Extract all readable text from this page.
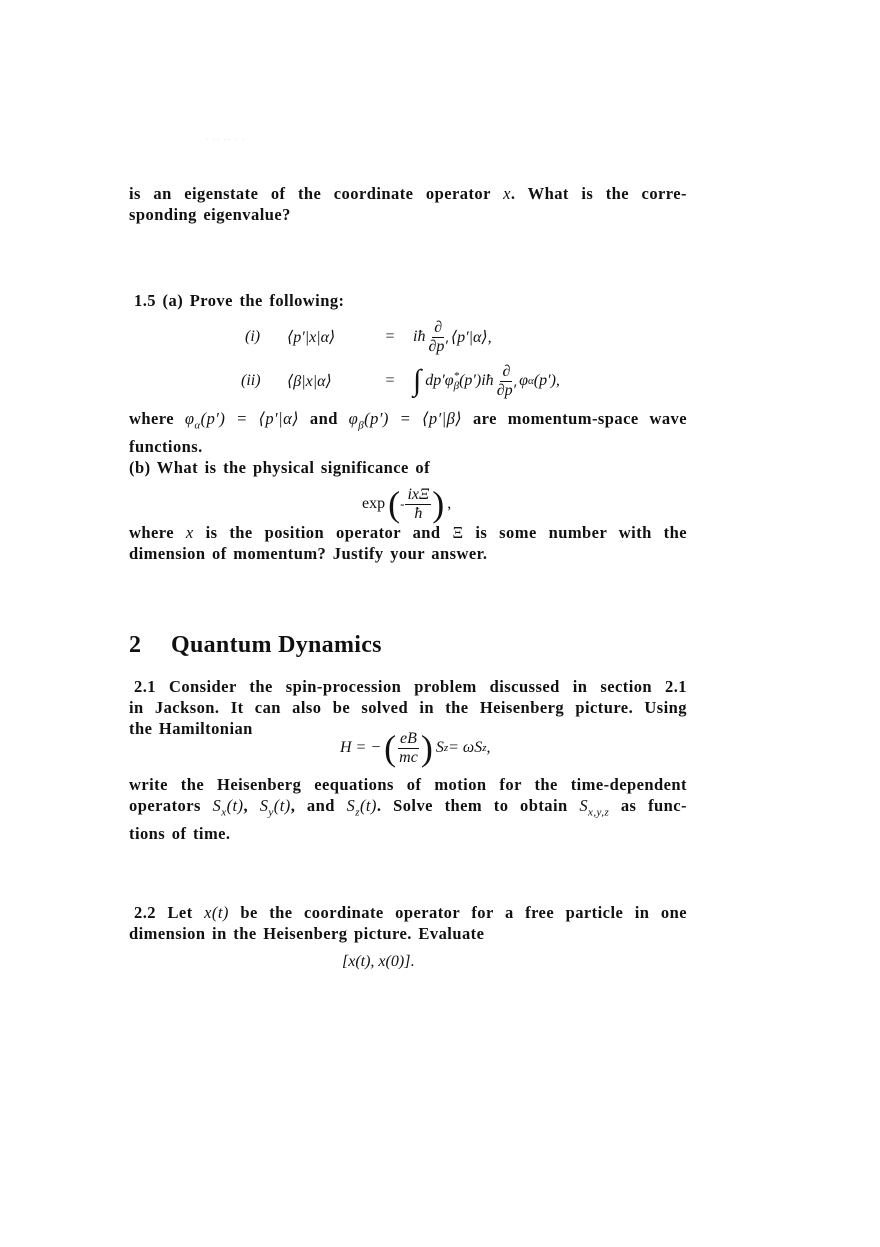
· ·· ·· · ·
is an eigenstate of the coordinate operator x. What is the corre-
sponding eigenvalue?
1.5 (a) Prove the following:
(i)	⟨p′|x|α⟩	=	iħ $\frac{\partial}{\partial p'}$ ⟨p′|α⟩,
(ii)	⟨β|x|α⟩	= ∫ dp′φ *
β (p′)iħ $\frac{\partial}{\partial p'}$ φ α (p′),
where $\varphi_\alpha(p')$ = ⟨p′|α⟩ and $\varphi_\beta(p')$ = ⟨p′|β⟩ are momentum-space wave
functions.
(b) What is the physical significance of
exp ( - $\frac{\text{ixΞ}}{ħ}$ ) ,
where x is the position operator and Ξ is some number with the
dimension of momentum? Justify your answer.
2 Quantum Dynamics
2.1 Consider the spin-procession problem discussed in section 2.1
in Jackson. It can also be solved in the Heisenberg picture. Using
the Hamiltonian
H = − ( $\frac{eB}{mc}$ ) S z = ωS z ,
write the Heisenberg eequations of motion for the time-dependent
operators $S_x(t)$, $S_y(t)$, and $S_z(t)$. Solve them to obtain $S_{x,y,z}$ as func-
tions of time.
2.2 Let x(t) be the coordinate operator for a free particle in one
dimension in the Heisenberg picture. Evaluate
[x(t), x(0)].
